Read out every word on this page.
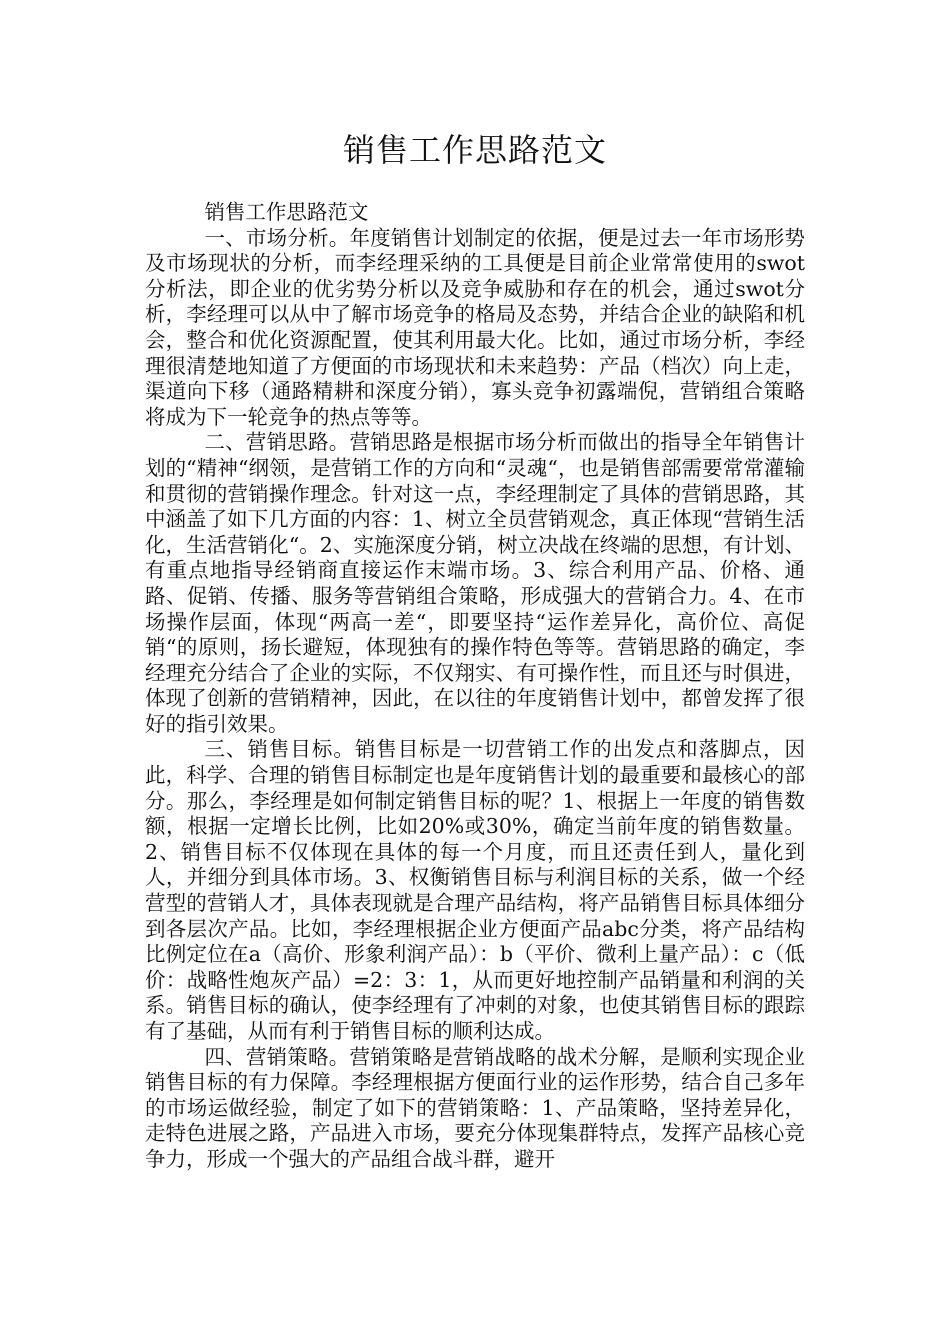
销售工作思路范文

销售工作思路范文

一、市场分析。年度销售计划制定的依据，便是过去一年市场形势及市场现状的分析，而李经理采纳的工具便是目前企业常常使用的swot分析法，即企业的优劣势分析以及竞争威胁和存在的机会，通过swot分析，李经理可以从中了解市场竞争的格局及态势，并结合企业的缺陷和机会，整合和优化资源配置，使其利用最大化。比如，通过市场分析，李经理很清楚地知道了方便面的市场现状和未来趋势：产品（档次）向上走，渠道向下移（通路精耕和深度分销），寡头竞争初露端倪，营销组合策略将成为下一轮竞争的热点等等。

二、营销思路。营销思路是根据市场分析而做出的指导全年销售计划的“精神“纲领，是营销工作的方向和“灵魂“，也是销售部需要常常灌输和贯彻的营销操作理念。针对这一点，李经理制定了具体的营销思路，其中涵盖了如下几方面的内容：1、树立全员营销观念，真正体现“营销生活化，生活营销化“。2、实施深度分销，树立决战在终端的思想，有计划、有重点地指导经销商直接运作末端市场。3、综合利用产品、价格、通路、促销、传播、服务等营销组合策略，形成强大的营销合力。4、在市场操作层面，体现“两高一差“，即要坚持“运作差异化，高价位、高促销“的原则，扬长避短，体现独有的操作特色等等。营销思路的确定，李经理充分结合了企业的实际，不仅翔实、有可操作性，而且还与时俱进，体现了创新的营销精神，因此，在以往的年度销售计划中，都曾发挥了很好的指引效果。

三、销售目标。销售目标是一切营销工作的出发点和落脚点，因此，科学、合理的销售目标制定也是年度销售计划的最重要和最核心的部分。那么，李经理是如何制定销售目标的呢？1、根据上一年度的销售数额，根据一定增长比例，比如20%或30%，确定当前年度的销售数量。2、销售目标不仅体现在具体的每一个月度，而且还责任到人，量化到人，并细分到具体市场。3、权衡销售目标与利润目标的关系，做一个经营型的营销人才，具体表现就是合理产品结构，将产品销售目标具体细分到各层次产品。比如，李经理根据企业方便面产品abc分类，将产品结构比例定位在a（高价、形象利润产品）：b（平价、微利上量产品）：c（低价：战略性炮灰产品）=2：3：1，从而更好地控制产品销量和利润的关系。销售目标的确认，使李经理有了冲刺的对象，也使其销售目标的跟踪有了基础，从而有利于销售目标的顺利达成。

四、营销策略。营销策略是营销战略的战术分解，是顺利实现企业销售目标的有力保障。李经理根据方便面行业的运作形势，结合自己多年的市场运做经验，制定了如下的营销策略：1、产品策略，坚持差异化，走特色进展之路，产品进入市场，要充分体现集群特点，发挥产品核心竞争力，形成一个强大的产品组合战斗群，避开
